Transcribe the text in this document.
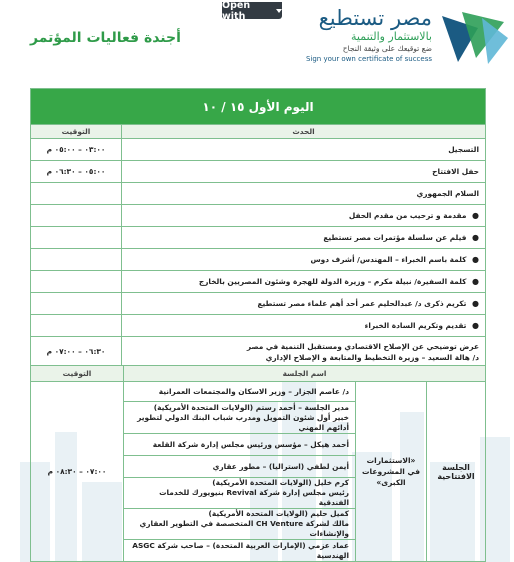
Open with
أجندة فعاليات المؤتمر
مصر تستطيع
بالاستثمار والتنمية
ضع توقيعك على وثيقة النجاح
Sign your own certificate of success
اليوم الأول ١٥ / ١٠	
الحدث	التوقيت
التسجيل	٠٣:٠٠ – ٠٥:٠٠ م
حفل الافتتاح	٠٥:٠٠ – ٠٦:٣٠ م
السلام الجمهوري	
● مقدمة و ترحيب من مقدم الحفل	
● فيلم عن سلسلة مؤتمرات مصر تستطيع	
● كلمة باسم الخبراء – المهندس/ أشرف دوس	
● كلمة السفيرة/ نبيلة مكرم – وزيرة الدولة للهجرة وشئون المصريين بالخارج	
● تكريم ذكرى د/ عبدالحليم عمر أحد أهم علماء مصر تستطيع	
● تقديم وتكريم السادة الخبراء	

عرض توضيحي عن الإصلاح الاقتصادي ومستقبل التنمية في مصر
د/ هالة السعيد – وزيرة التخطيط والمتابعة و الإصلاح الإداري	٠٦:٣٠ – ٠٧:٠٠ م
اسم الجلسة			التوقيت
الجلسة الافتتاحية	«الاستثمارات في المشروعات الكبرى»	د/ عاصم الجزار – وزير الاسكان والمجتمعات العمرانية	٠٧:٠٠ – ٠٨:٣٠ م

		مدير الجلسة – أحمد رستم (الولايات المتحدة الأمريكية)
خبير أول شئون التمويل ومدرب شباب البنك الدولي لتطوير أدائهم المهني	

		أحمد هيكل – مؤسس ورئيس مجلس إدارة شركة القلعة	

		أيمن لطفي (استراليا) – مطور عقاري	

		كرم خليل (الولايات المتحدة الأمريكية)
رئيس مجلس إدارة شركة Revival بنيويورك للخدمات الفندقية	

		كميل حليم (الولايات المتحدة الأمريكية)
مالك لشركة CH Venture المتخصصة في التطوير العقاري والإنشاءات	

		عماد عزمي (الإمارات العربية المتحدة) – صاحب شركة ASGC الهندسية	
